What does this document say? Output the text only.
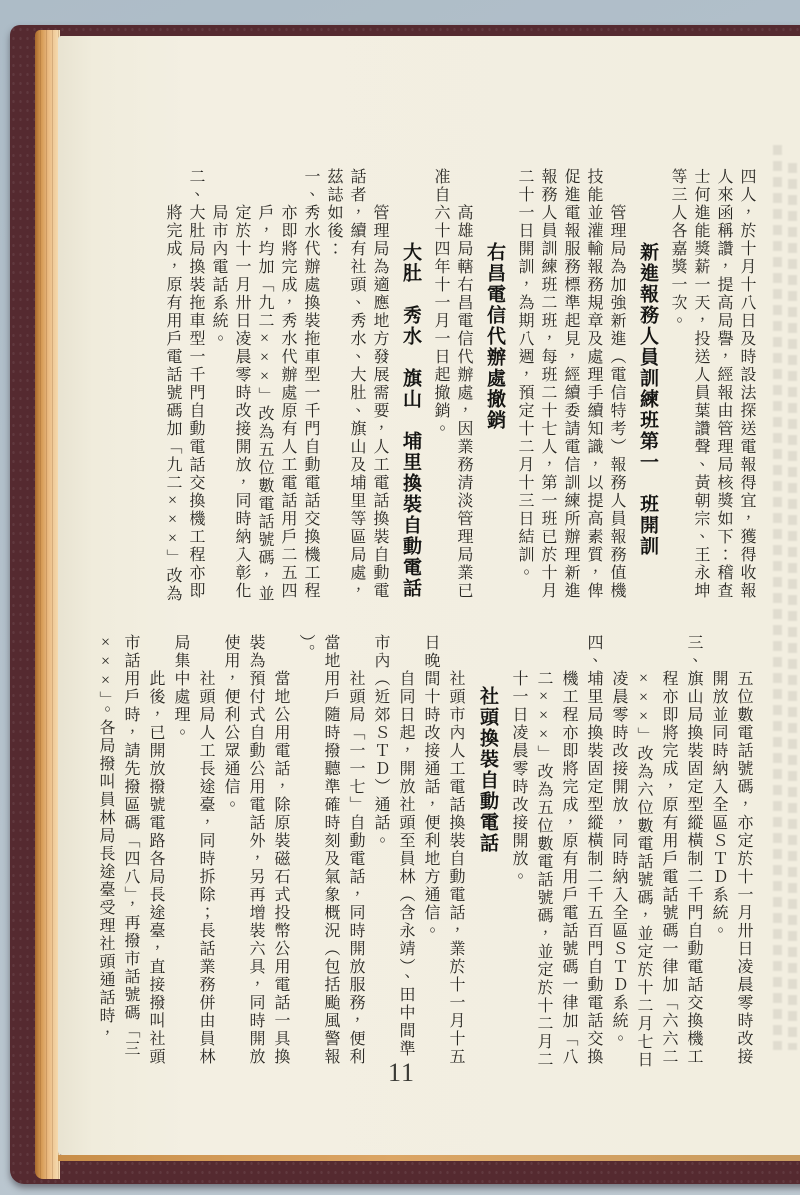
四人，於十月十八日及時設法探送電報得宜，獲得收報
人來函稱讚，提高局譽，經報由管理局核獎如下：稽查
士何進能獎薪一天，投送人員葉讚聲、黃朝宗、王永坤
等三人各嘉獎一次。
新進報務人員訓練班第一　班開訓
　　管理局為加強新進（電信特考）報務人員報務值機
技能並灌輸報務規章及處理手續知識，以提高素質，俾
促進電報服務標準起見，經續委請電信訓練所辦理新進
報務人員訓練班二班，每班二十七人，第一班已於十月
二十一日開訓，為期八週，預定十二月十三日結訓。
右昌電信代辦處撤銷
　　高雄局轄右昌電信代辦處，因業務清淡管理局業已
准自六十四年十一月一日起撤銷。
大肚　秀水　旗山　埔里換裝自動電話
　　管理局為適應地方發展需要，人工電話換裝自動電
話者，續有社頭、秀水、大肚、旗山及埔里等區局處，
茲誌如後：
一、秀水代辦處換裝拖車型一千門自動電話交換機工程
　　亦即將完成，秀水代辦處原有人工電話用戶二五四
　　戶，均加「九二×××」改為五位數電話號碼，並
　　定於十一月卅日凌晨零時改接開放，同時納入彰化
　　局市內電話系統。
二、大肚局換裝拖車型一千門自動電話交換機工程亦即
　　將完成，原有用戶電話號碼加「九二×××」改為
　　五位數電話號碼，亦定於十一月卅日凌晨零時改接
　　開放並同時納入全區ＳＴＤ系統。
三、旗山局換裝固定型縱橫制二千門自動電話交換機工
　　程亦即將完成，原有用戶電話號碼一律加「六六二
　　×××」改為六位數電話號碼，並定於十二月七日
　　凌晨零時改接開放，同時納入全區ＳＴＤ系統。
四、埔里局換裝固定型縱橫制二千五百門自動電話交換
　　機工程亦即將完成，原有用戶電話號碼一律加「八
　　二×××」改為五位數電話號碼，並定於十二月二
　　十一日凌晨零時改接開放。
社頭換裝自動電話
　　社頭市內人工電話換裝自動電話，業於十一月十五
日晚間十時改接通話，便利地方通信。
　　自同日起，開放社頭至員林（含永靖）、田中間準
市內（近郊ＳＴＤ）通話。
　　社頭局「一一七」自動電話，同時開放服務，便利
當地用戶隨時撥聽準確時刻及氣象概況（包括颱風警報
）。
　　當地公用電話，除原裝磁石式投幣公用電話一具換
裝為預付式自動公用電話外，另再增裝六具，同時開放
使用，便利公眾通信。
　　社頭局人工長途臺，同時拆除；長話業務併由員林
局集中處理。
　　此後，已開放撥號電路各局長途臺，直接撥叫社頭
市話用戶時，請先撥區碼「四八」，再撥市話號碼「三
×××」。各局撥叫員林局長途臺受理社頭通話時，
11
